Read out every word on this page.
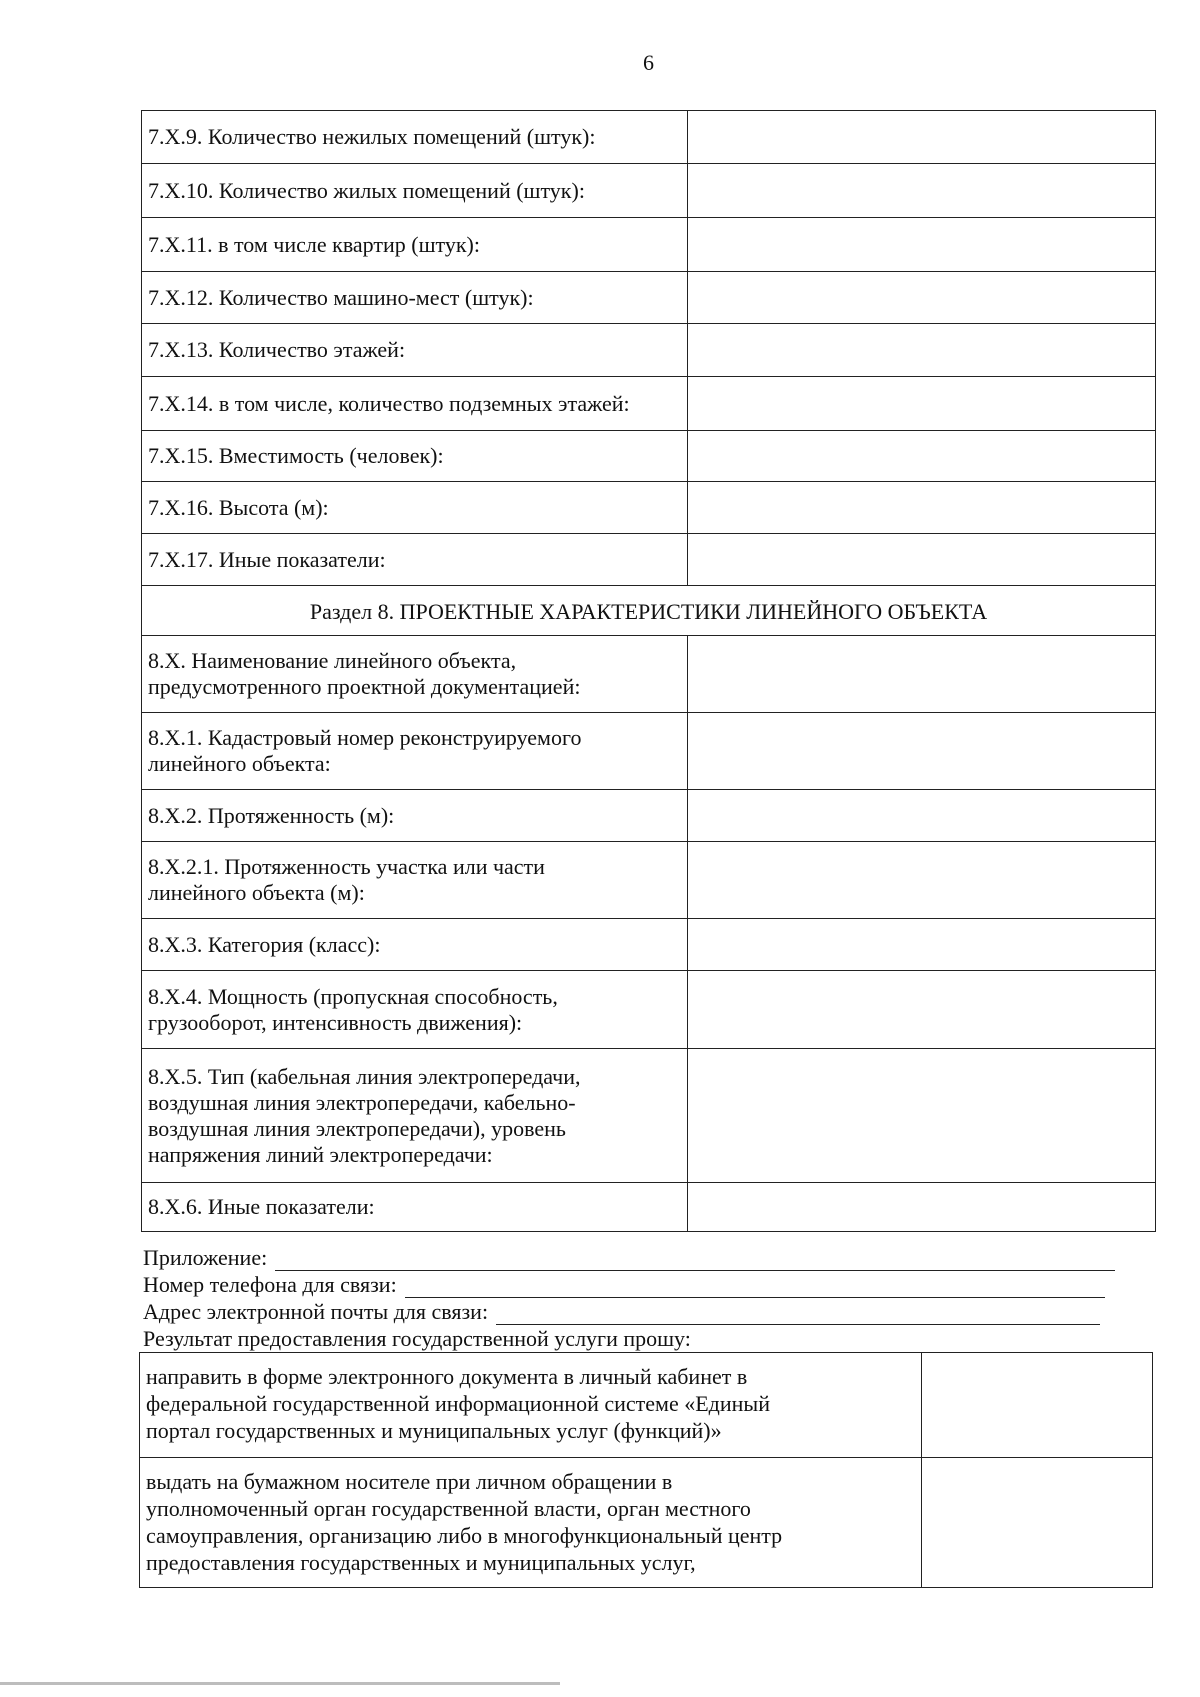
6
7.X.9. Количество нежилых помещений (штук):	
7.X.10. Количество жилых помещений (штук):	
7.X.11. в том числе квартир (штук):	
7.X.12. Количество машино-мест (штук):	
7.X.13. Количество этажей:	
7.X.14. в том числе, количество подземных этажей:	
7.X.15. Вместимость (человек):	
7.X.16. Высота (м):	
7.X.17. Иные показатели:	
Раздел 8. ПРОЕКТНЫЕ ХАРАКТЕРИСТИКИ ЛИНЕЙНОГО ОБЪЕКТА	

8.X. Наименование линейного объекта,
предусмотренного проектной документацией:	

8.X.1. Кадастровый номер реконструируемого
линейного объекта:	

8.X.2. Протяженность (м):	

8.X.2.1. Протяженность участка или части
линейного объекта (м):	

8.X.3. Категория (класс):	

8.X.4. Мощность (пропускная способность,
грузооборот, интенсивность движения):	

8.X.5. Тип (кабельная линия электропередачи,
воздушная линия электропередачи, кабельно-
воздушная линия электропередачи), уровень
напряжения линий электропередачи:	

8.X.6. Иные показатели:	
Приложение:
Номер телефона для связи:
Адрес электронной почты для связи:
Результат предоставления государственной услуги прошу:
направить в форме электронного документа в личный кабинет в
федеральной государственной информационной системе «Единый
портал государственных и муниципальных услуг (функций)»	

выдать на бумажном носителе при личном обращении в
уполномоченный орган государственной власти, орган местного
самоуправления, организацию либо в многофункциональный центр
предоставления государственных и муниципальных услуг,	
